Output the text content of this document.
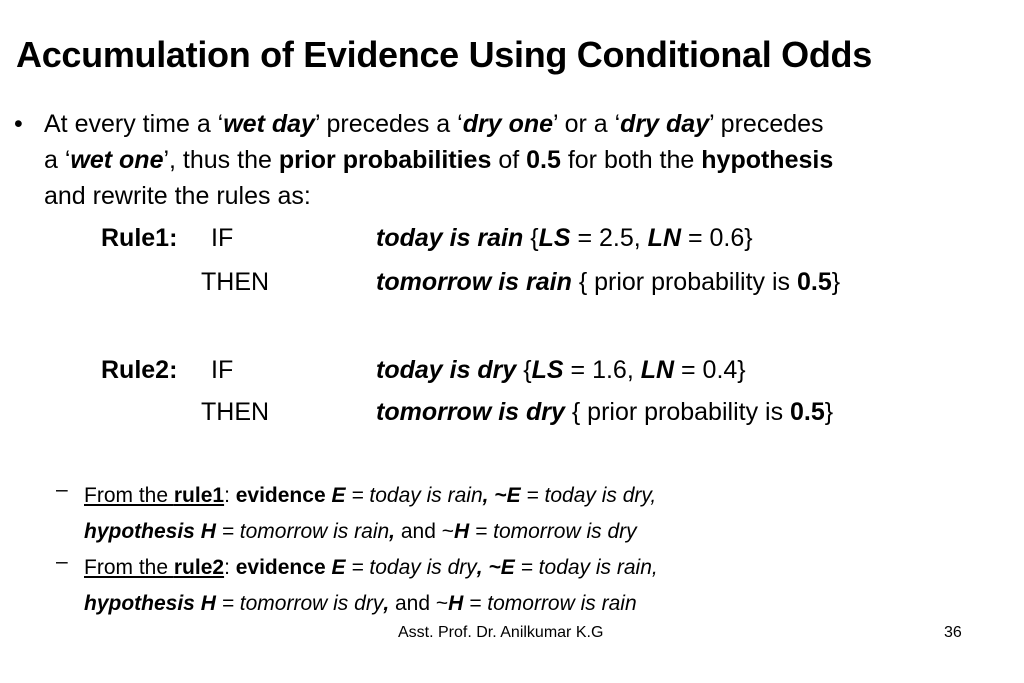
Accumulation of Evidence Using Conditional Odds
• At every time a ‘wet day’ precedes a ‘dry one’ or a ‘dry day’ precedes
a ‘wet one’, thus the prior probabilities of 0.5 for both the hypothesis
and rewrite the rules as:
Rule1: IF	today is rain {LS = 2.5, LN = 0.6}
THEN	tomorrow is rain { prior probability is 0.5}
Rule2: IF	today is dry {LS = 1.6, LN = 0.4}
THEN	tomorrow is dry { prior probability is 0.5}
– From the rule1: evidence E = today is rain, ~E = today is dry,
hypothesis H = tomorrow is rain, and ~H = tomorrow is dry
– From the rule2: evidence E = today is dry, ~E = today is rain,
hypothesis H = tomorrow is dry, and ~H = tomorrow is rain
Asst. Prof. Dr. Anilkumar K.G	36
